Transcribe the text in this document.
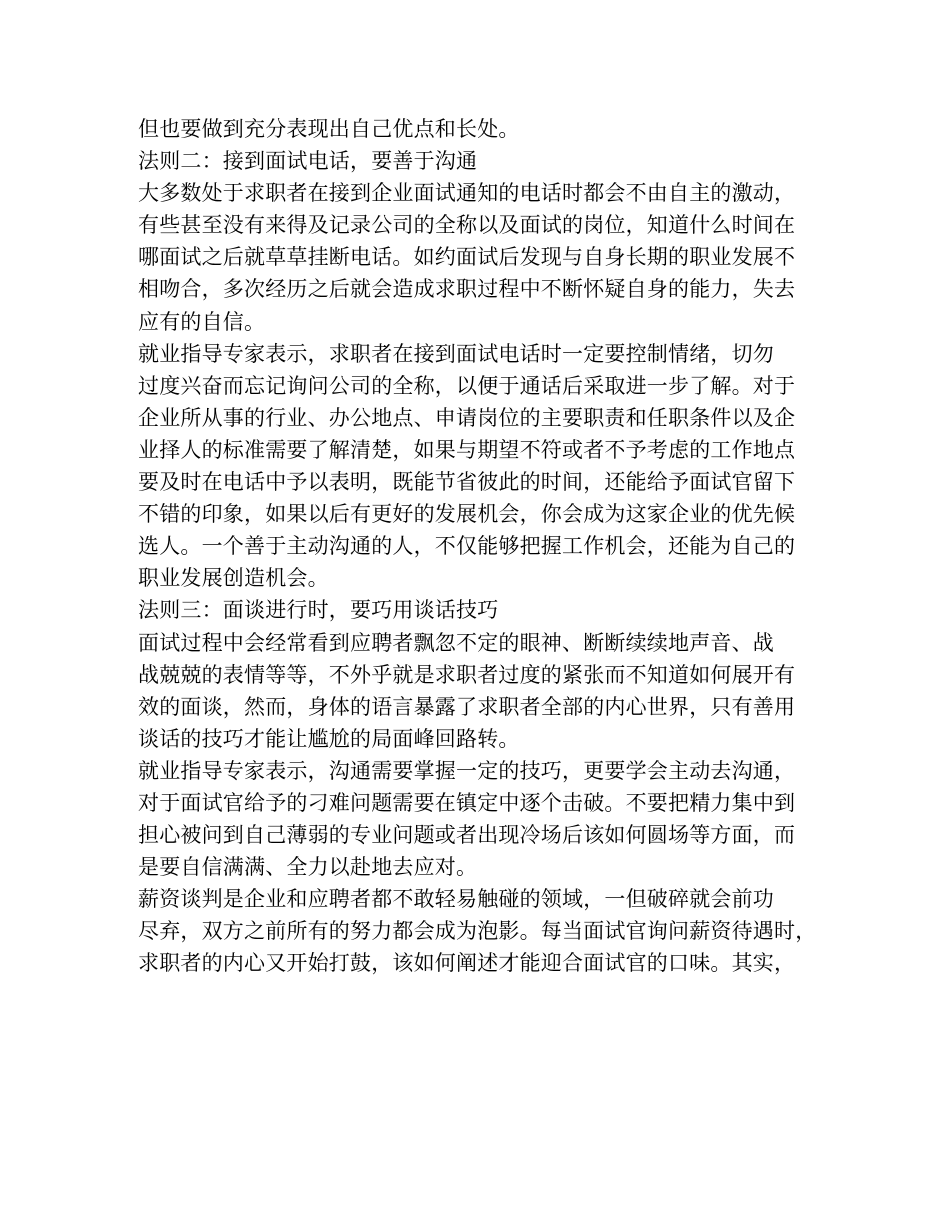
但也要做到充分表现出自己优点和长处。
法则二：接到面试电话，要善于沟通
大多数处于求职者在接到企业面试通知的电话时都会不由自主的激动，
有些甚至没有来得及记录公司的全称以及面试的岗位，知道什么时间在
哪面试之后就草草挂断电话。如约面试后发现与自身长期的职业发展不
相吻合，多次经历之后就会造成求职过程中不断怀疑自身的能力，失去
应有的自信。
就业指导专家表示，求职者在接到面试电话时一定要控制情绪，切勿
过度兴奋而忘记询问公司的全称，以便于通话后采取进一步了解。对于
企业所从事的行业、办公地点、申请岗位的主要职责和任职条件以及企
业择人的标准需要了解清楚，如果与期望不符或者不予考虑的工作地点
要及时在电话中予以表明，既能节省彼此的时间，还能给予面试官留下
不错的印象，如果以后有更好的发展机会，你会成为这家企业的优先候
选人。一个善于主动沟通的人，不仅能够把握工作机会，还能为自己的
职业发展创造机会。
法则三：面谈进行时，要巧用谈话技巧
面试过程中会经常看到应聘者飘忽不定的眼神、断断续续地声音、战
战兢兢的表情等等，不外乎就是求职者过度的紧张而不知道如何展开有
效的面谈，然而，身体的语言暴露了求职者全部的内心世界，只有善用
谈话的技巧才能让尴尬的局面峰回路转。
就业指导专家表示，沟通需要掌握一定的技巧，更要学会主动去沟通，
对于面试官给予的刁难问题需要在镇定中逐个击破。不要把精力集中到
担心被问到自己薄弱的专业问题或者出现冷场后该如何圆场等方面，而
是要自信满满、全力以赴地去应对。
薪资谈判是企业和应聘者都不敢轻易触碰的领域，一但破碎就会前功
尽弃，双方之前所有的努力都会成为泡影。每当面试官询问薪资待遇时，
求职者的内心又开始打鼓，该如何阐述才能迎合面试官的口味。其实，
